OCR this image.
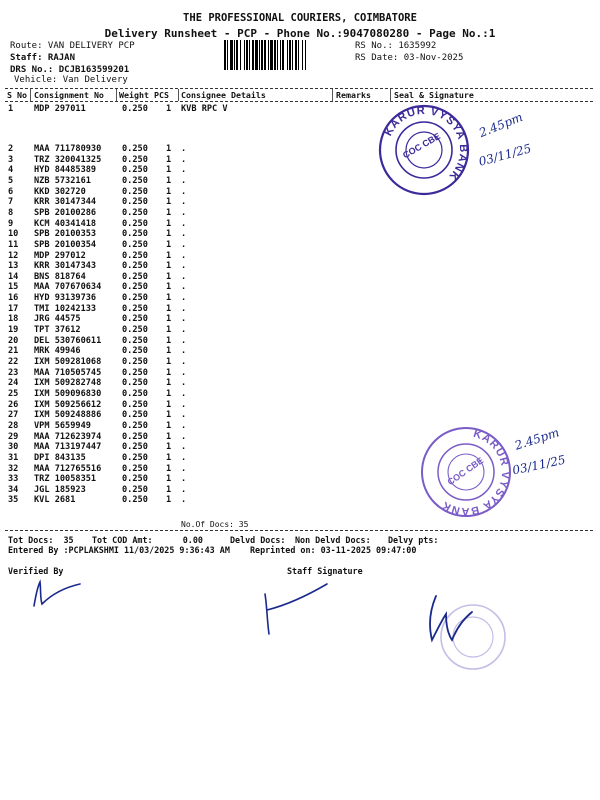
THE PROFESSIONAL COURIERS, COIMBATORE
Delivery Runsheet - PCP - Phone No.:9047080280 - Page No.:1
Route: VAN DELIVERY PCP
Staff: RAJAN
DRS No.: DCJB163599201
Vehicle: Van Delivery
RS No.: 1635992
RS Date: 03-Nov-2025
S No Consignment No Weight PCS Consignee Details	Remarks	Seal & Signature
1 MDP 297011	0.250 1 KVB RPC V
2 MAA 711780930 0.250 1 .
3 TRZ 320041325 0.250 1 .
4 HYD 84485389	0.250 1 .
5 NZB 5732161	0.250 1 .
6 KKD 302720	0.250 1 .
7 KRR 30147344	0.250 1 .
8 SPB 20100286	0.250 1 .
9 KCM 40341418	0.250 1 .
10 SPB 20100353	0.250 1 .
11 SPB 20100354	0.250 1 .
12 MDP 297012	0.250 1 .
13 KRR 30147343	0.250 1 .
14 BNS 818764	0.250 1 .
15 MAA 707670634 0.250 1 .
16 HYD 93139736	0.250 1 .
17 TMI 10242133	0.250 1 .
18 JRG 44575	0.250 1 .
19 TPT 37612	0.250 1 .
20 DEL 530760611 0.250 1 .
21 MRK 49946	0.250 1 .
22 IXM 509281068 0.250 1 .
23 MAA 710505745 0.250 1 .
24 IXM 509282748 0.250 1 .
25 IXM 509096830 0.250 1 .
26 IXM 509256612 0.250 1 .
27 IXM 509248886 0.250 1 .
28 VPM 5659949	0.250 1 .
29 MAA 712623974 0.250 1 .
30 MAA 713197447 0.250 1 .
31 DPI 843135	0.250 1 .
32 MAA 712765516 0.250 1 .
33 TRZ 10058351	0.250 1 .
34 JGL 185923	0.250 1 .
35 KVL 2681	0.250 1 .
No.Of Docs: 35
Tot Docs:  35 Tot COD Amt:      0.00	Delvd Docs: Non Delvd Docs: Delvy pts:
Entered By :PCPLAKSHMI 11/03/2025 9:36:43 AM Reprinted on: 03-11-2025 09:47:00
Verified By	Staff Signature
KARUR VYSYA BANK
COC CBE
2.45pm
03/11/25
KARUR VYSYA BANK
COC CBE
2.45pm
03/11/25
